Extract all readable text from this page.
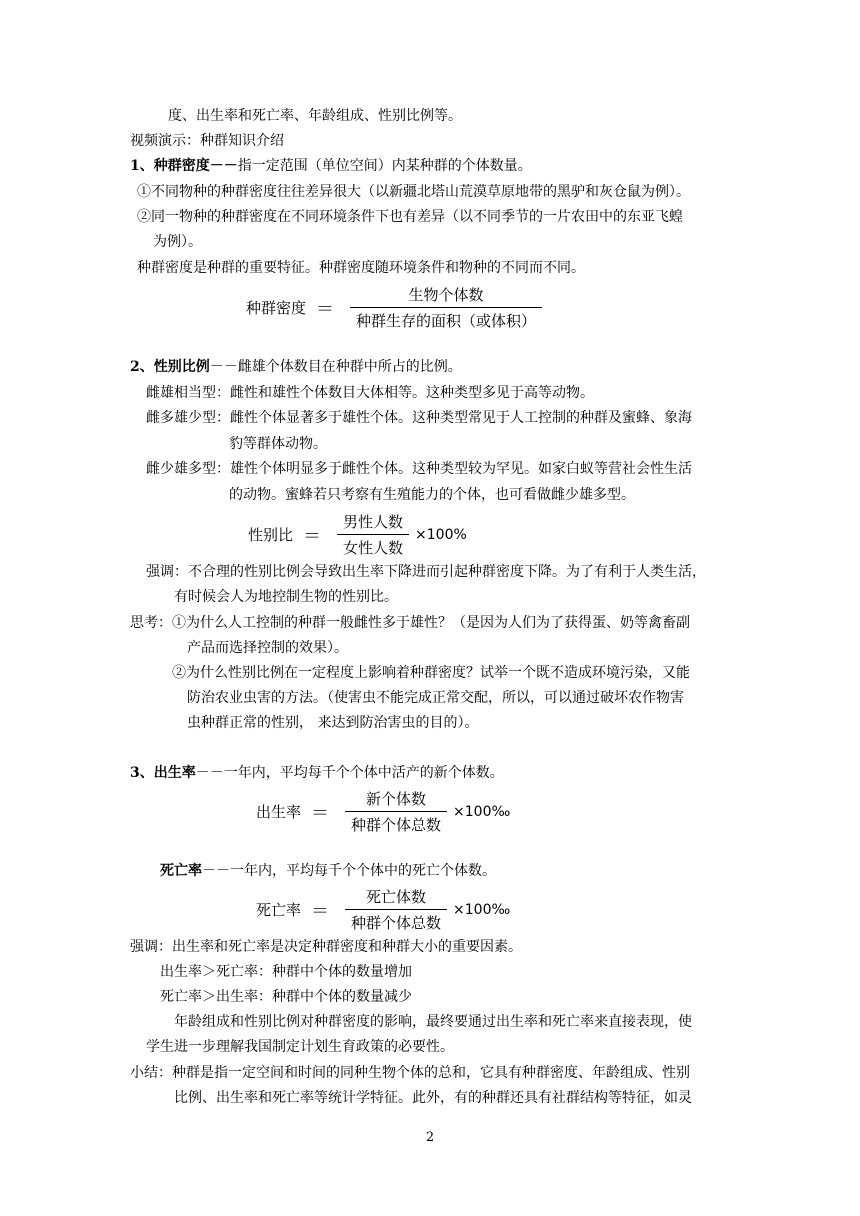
度、出生率和死亡率、年龄组成、性别比例等。
视频演示：种群知识介绍
1、种群密度－－指一定范围（单位空间）内某种群的个体数量。
①不同物种的种群密度往往差异很大（以新疆北塔山荒漠草原地带的黑驴和灰仓鼠为例）。
②同一物种的种群密度在不同环境条件下也有差异（以不同季节的一片农田中的东亚飞蝗
为例）。
种群密度是种群的重要特征。种群密度随环境条件和物种的不同而不同。
种群密度 ＝ $\frac{\text{生物个体数}}{\text{种群生存的面积（或体积）}}$
2、性别比例－－雌雄个体数目在种群中所占的比例。
雌雄相当型：雌性和雄性个体数目大体相等。这种类型多见于高等动物。
雌多雄少型：雌性个体显著多于雄性个体。这种类型常见于人工控制的种群及蜜蜂、象海
豹等群体动物。
雌少雄多型：雄性个体明显多于雌性个体。这种类型较为罕见。如家白蚁等营社会性生活
的动物。蜜蜂若只考察有生殖能力的个体，也可看做雌少雄多型。
性别比 ＝ $\frac{\text{男性人数}}{\text{女性人数}} \times 100\%$
强调：不合理的性别比例会导致出生率下降进而引起种群密度下降。为了有利于人类生活，
有时候会人为地控制生物的性别比。
思考：①为什么人工控制的种群一般雌性多于雄性？（是因为人们为了获得蛋、奶等禽畜副
产品而选择控制的效果）。
②为什么性别比例在一定程度上影响着种群密度？试举一个既不造成环境污染，又能
防治农业虫害的方法。（使害虫不能完成正常交配，所以，可以通过破坏农作物害
虫种群正常的性别， 来达到防治害虫的目的）。
3、出生率－－一年内，平均每千个个体中活产的新个体数。
出生率 ＝ $\frac{\text{新个体数}}{\text{种群个体总数}}$ ×100‰
死亡率－－一年内，平均每千个个体中的死亡个体数。
死亡率 ＝ $\frac{\text{死亡体数}}{\text{种群个体总数}}$ ×100‰
强调：出生率和死亡率是决定种群密度和种群大小的重要因素。
出生率＞死亡率：种群中个体的数量增加
死亡率＞出生率：种群中个体的数量减少
年龄组成和性别比例对种群密度的影响，最终要通过出生率和死亡率来直接表现，使
学生进一步理解我国制定计划生育政策的必要性。
小结：种群是指一定空间和时间的同种生物个体的总和，它具有种群密度、年龄组成、性别
比例、出生率和死亡率等统计学特征。此外，有的种群还具有社群结构等特征，如灵
2
